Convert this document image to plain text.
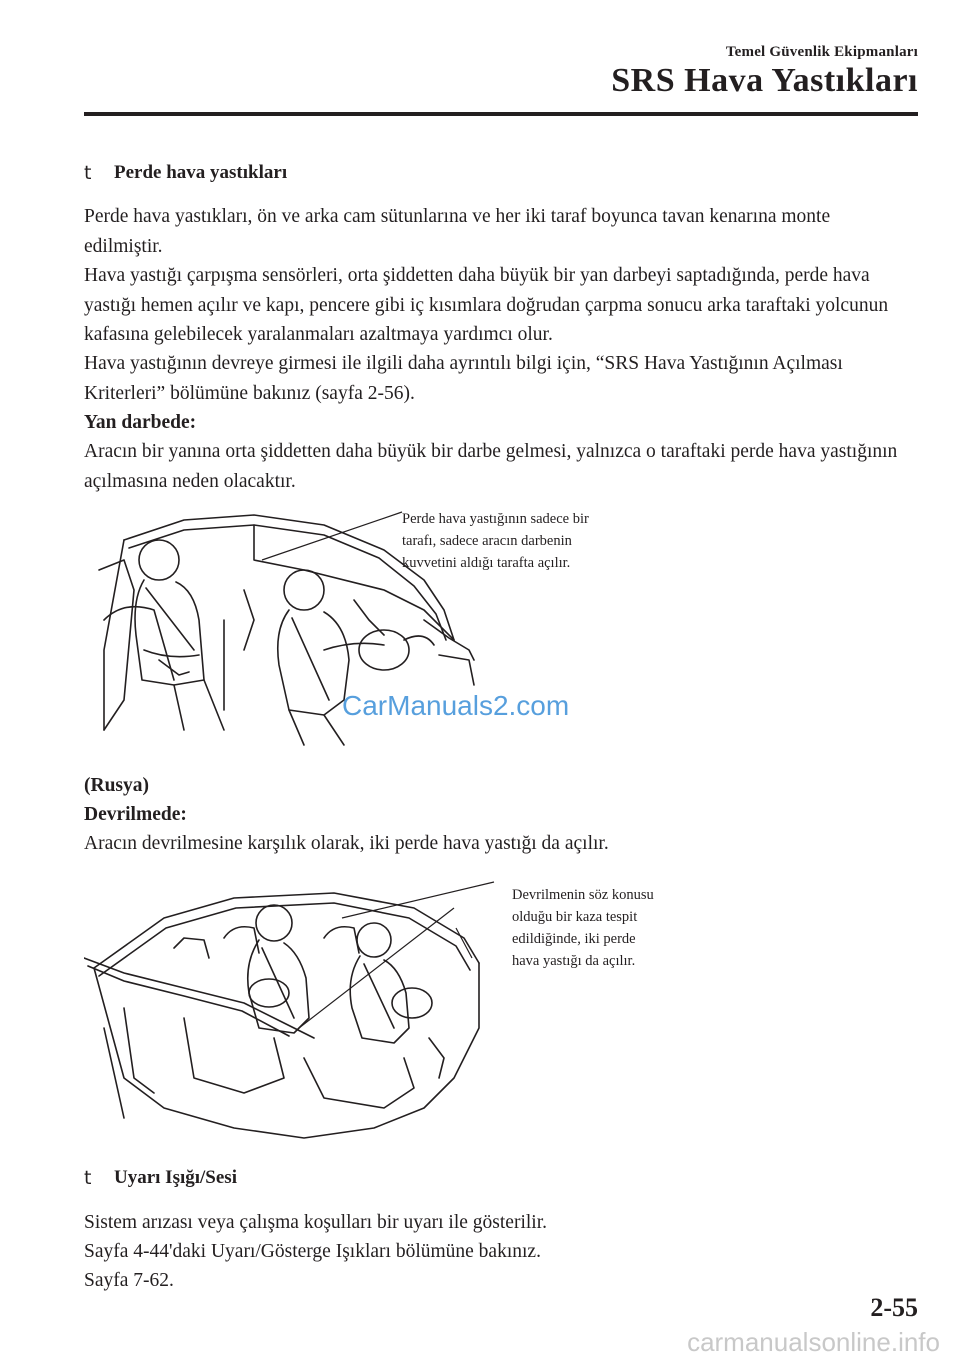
Temel Güvenlik Ekipmanları
SRS Hava Yastıkları
t	Perde hava yastıkları

Perde hava yastıkları, ön ve arka cam sütunlarına ve her iki taraf boyunca tavan kenarına monte edilmiştir.

Hava yastığı çarpışma sensörleri, orta şiddetten daha büyük bir yan darbeyi saptadığında, perde hava yastığı hemen açılır ve kapı, pencere gibi iç kısımlara doğrudan çarpma sonucu arka taraftaki yolcunun kafasına gelebilecek yaralanmaları azaltmaya yardımcı olur.

Hava yastığının devreye girmesi ile ilgili daha ayrıntılı bilgi için, “SRS Hava Yastığının Açılması Kriterleri” bölümüne bakınız (sayfa 2-56).

Yan darbede:

Aracın bir yanına orta şiddetten daha büyük bir darbe gelmesi, yalnızca o taraftaki perde hava yastığının açılmasına neden olacaktır.

Perde hava yastığının sadece bir
tarafı, sadece aracın darbenin
kuvvetini aldığı tarafta açılır.
CarManuals2.com

(Rusya)

Devrilmede:

Aracın devrilmesine karşılık olarak, iki perde hava yastığı da açılır.

Devrilmenin söz konusu
olduğu bir kaza tespit
edildiğinde, iki perde
hava yastığı da açılır.
t	Uyarı Işığı/Sesi

Sistem arızası veya çalışma koşulları bir uyarı ile gösterilir.

Sayfa 4-44'daki Uyarı/Gösterge Işıkları bölümüne bakınız.

Sayfa 7-62.

2-55
carmanualsonline.info
